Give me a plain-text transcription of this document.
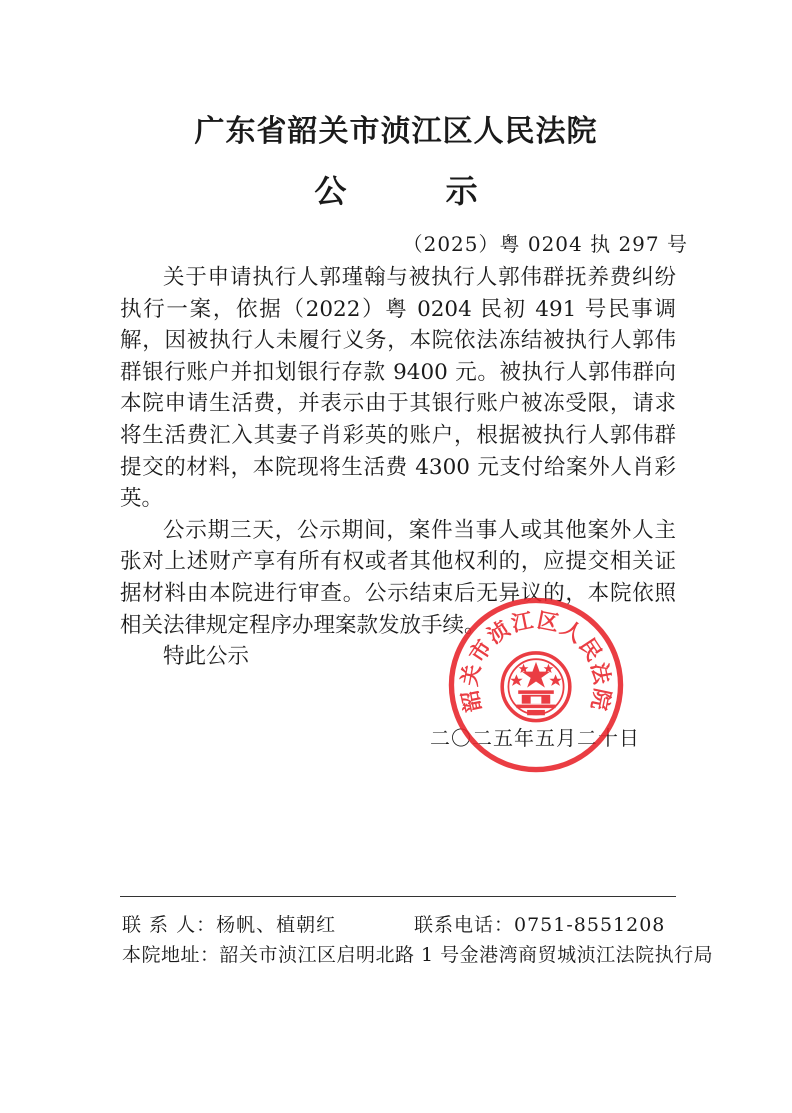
广东省韶关市浈江区人民法院
公 示
（2025）粤 0204 执 297 号

关于申请执行人郭瑾翰与被执行人郭伟群抚养费纠纷执行一案，依据（2022）粤 0204 民初 491 号民事调解，因被执行人未履行义务，本院依法冻结被执行人郭伟群银行账户并扣划银行存款 9400 元。被执行人郭伟群向本院申请生活费，并表示由于其银行账户被冻受限，请求将生活费汇入其妻子肖彩英的账户，根据被执行人郭伟群提交的材料，本院现将生活费 4300 元支付给案外人肖彩英。

公示期三天，公示期间，案件当事人或其他案外人主张对上述财产享有所有权或者其他权利的，应提交相关证据材料由本院进行审查。公示结束后无异议的，本院依照相关法律规定程序办理案款发放手续。

特此公示

二〇二五年五月二十日
韶关市浈江区人民法院
联 系 人：杨帆、植朝红	联系电话：0751-8551208
本院地址：韶关市浈江区启明北路 1 号金港湾商贸城浈江法院执行局
